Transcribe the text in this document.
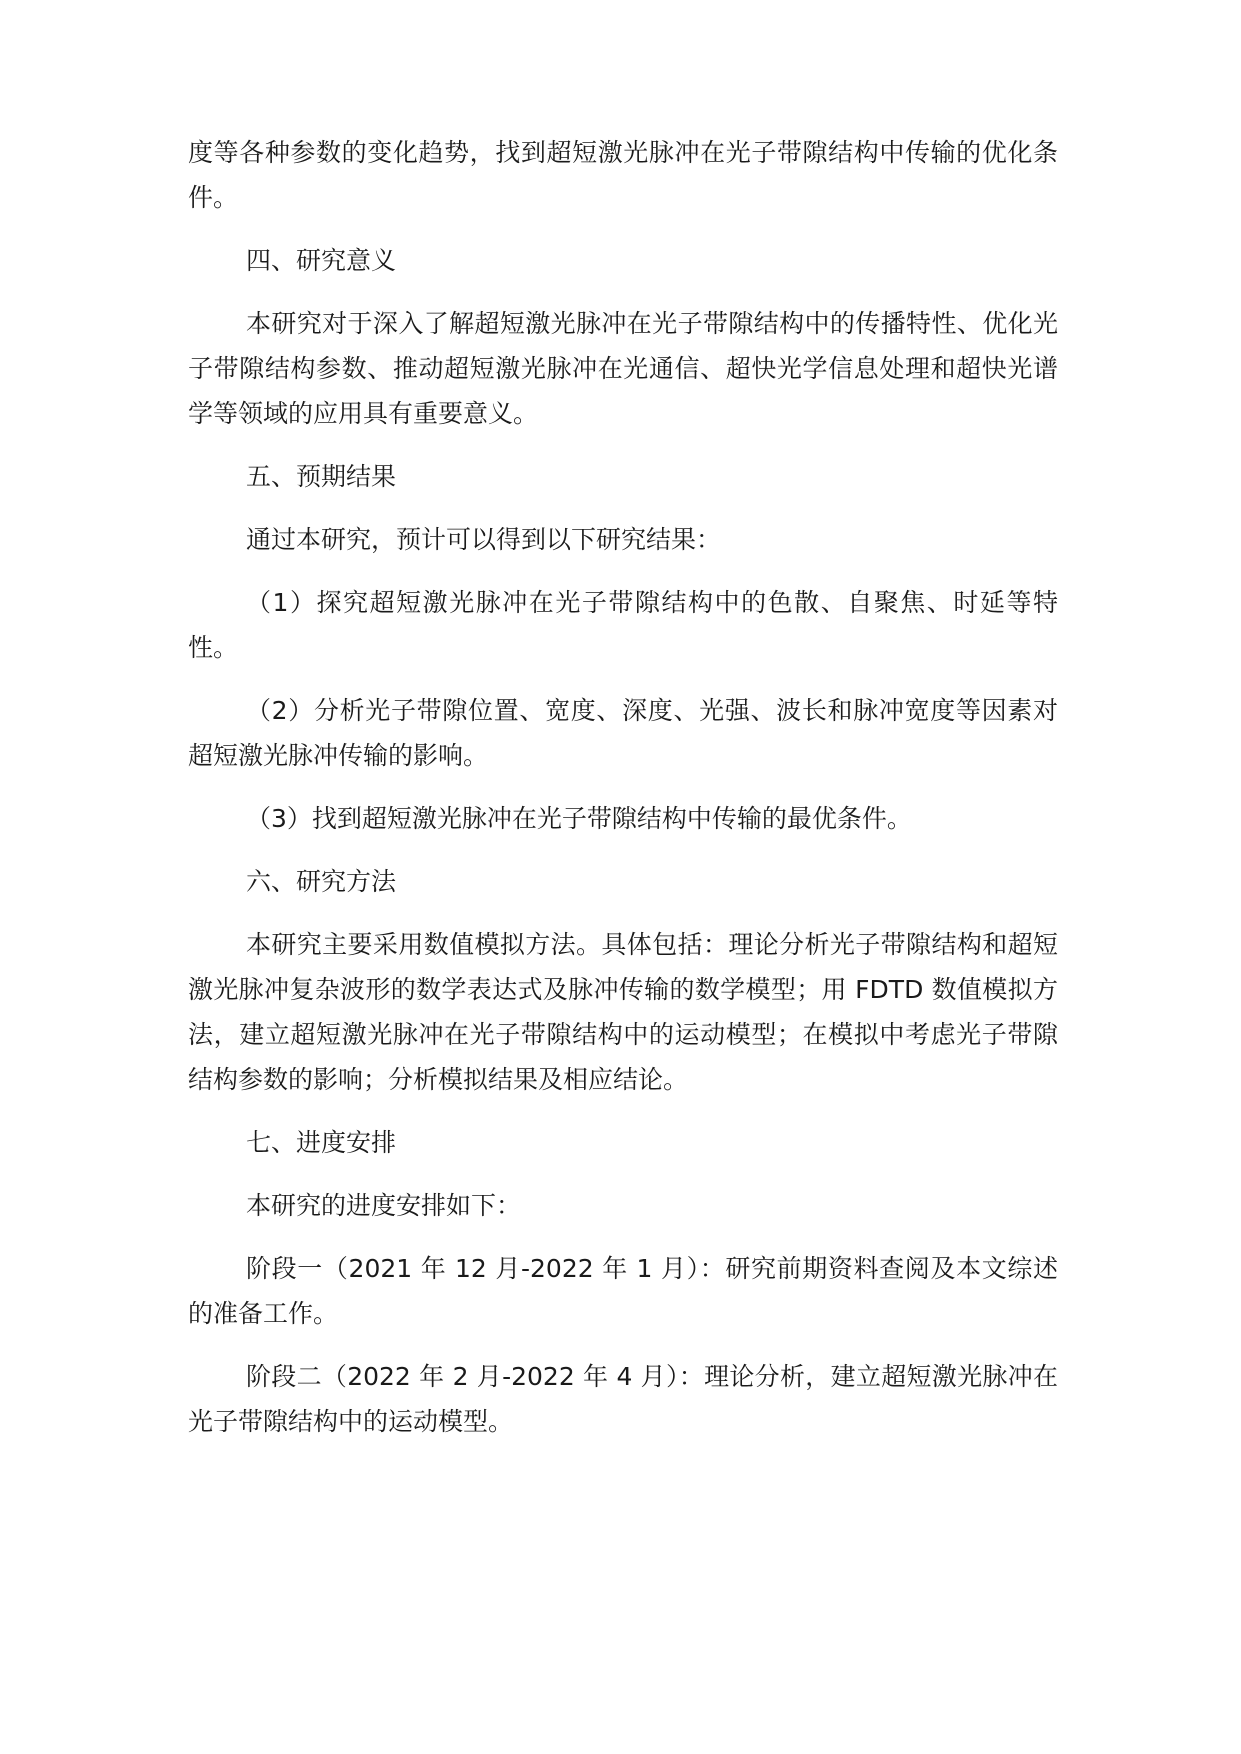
度等各种参数的变化趋势，找到超短激光脉冲在光子带隙结构中传输的优化条件。

四、研究意义

本研究对于深入了解超短激光脉冲在光子带隙结构中的传播特性、优化光子带隙结构参数、推动超短激光脉冲在光通信、超快光学信息处理和超快光谱学等领域的应用具有重要意义。

五、预期结果

通过本研究，预计可以得到以下研究结果：

（1）探究超短激光脉冲在光子带隙结构中的色散、自聚焦、时延等特性。

（2）分析光子带隙位置、宽度、深度、光强、波长和脉冲宽度等因素对超短激光脉冲传输的影响。

（3）找到超短激光脉冲在光子带隙结构中传输的最优条件。

六、研究方法

本研究主要采用数值模拟方法。具体包括：理论分析光子带隙结构和超短激光脉冲复杂波形的数学表达式及脉冲传输的数学模型；用 FDTD 数值模拟方法，建立超短激光脉冲在光子带隙结构中的运动模型；在模拟中考虑光子带隙结构参数的影响；分析模拟结果及相应结论。

七、进度安排

本研究的进度安排如下：

阶段一（2021 年 12 月-2022 年 1 月）：研究前期资料查阅及本文综述的准备工作。

阶段二（2022 年 2 月-2022 年 4 月）：理论分析，建立超短激光脉冲在光子带隙结构中的运动模型。
